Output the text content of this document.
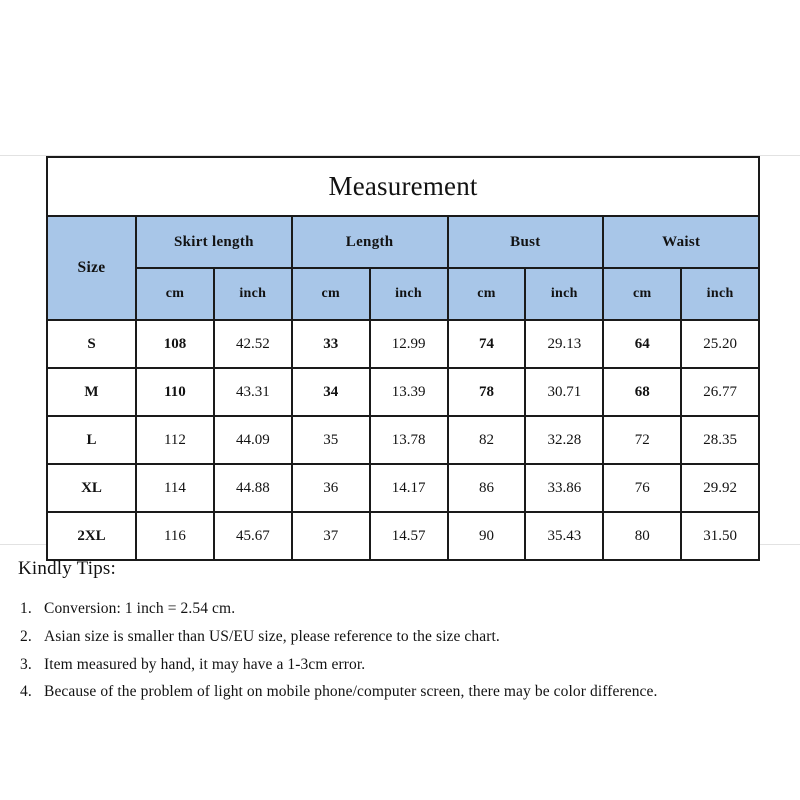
Measurement								
Size	Skirt length		Length		Bust		Waist	
	cm	inch	cm	inch	cm	inch	cm	inch
S	108	42.52	33	12.99	74	29.13	64	25.20
M	110	43.31	34	13.39	78	30.71	68	26.77
L	112	44.09	35	13.78	82	32.28	72	28.35
XL	114	44.88	36	14.17	86	33.86	76	29.92
2XL	116	45.67	37	14.57	90	35.43	80	31.50
Kindly Tips:
1. Conversion: 1 inch = 2.54 cm.
2. Asian size is smaller than US/EU size, please reference to the size chart.
3. Item measured by hand, it may have a 1-3cm error.
4. Because of the problem of light on mobile phone/computer screen, there may be color difference.
